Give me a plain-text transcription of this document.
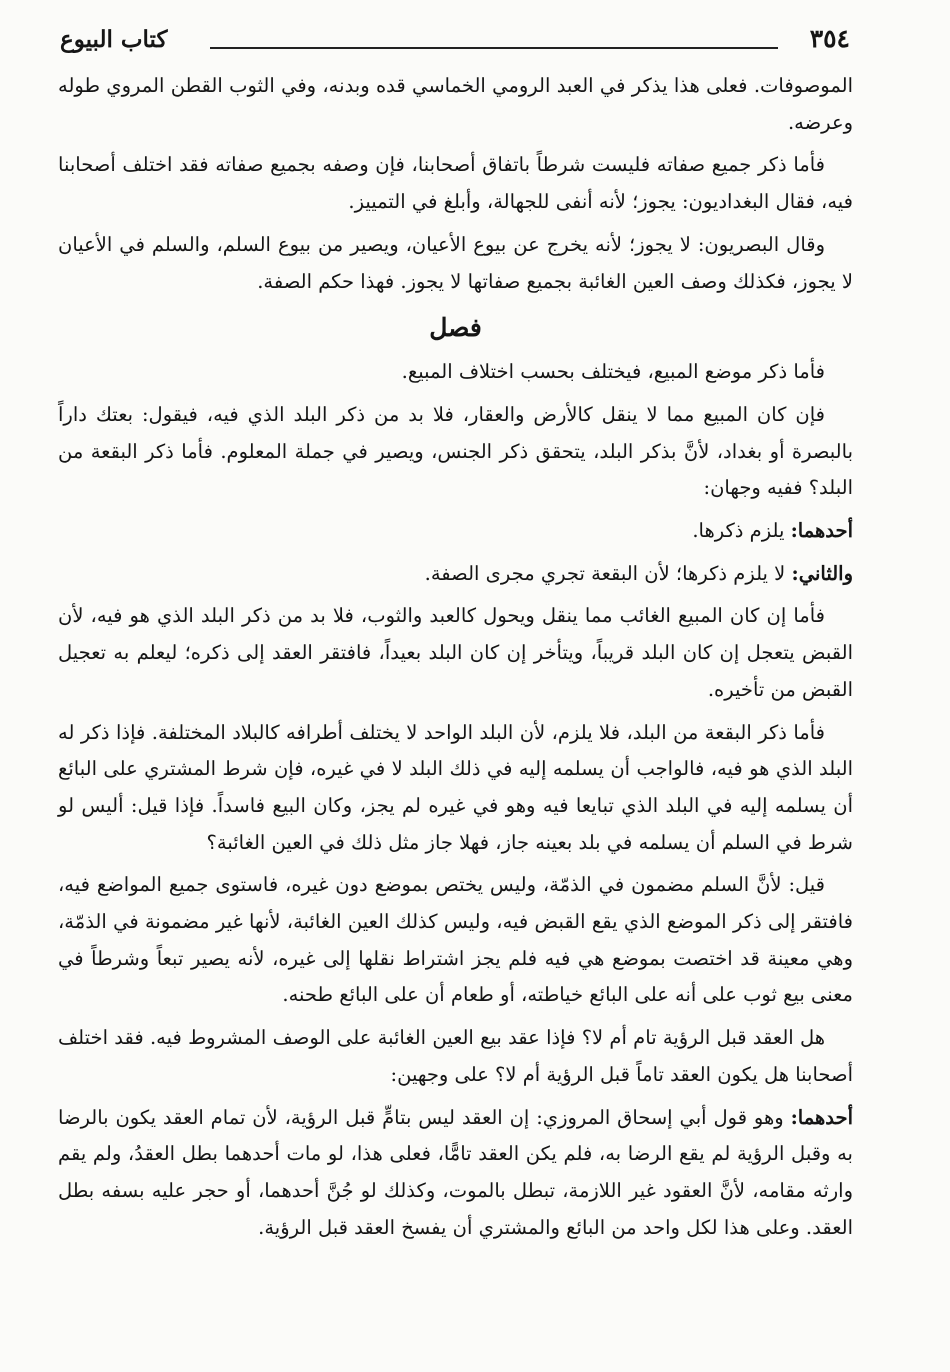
٣٥٤
كتاب البيوع

الموصوفات. فعلى هذا يذكر في العبد الرومي الخماسي قده وبدنه، وفي الثوب القطن المروي طوله وعرضه.

فأما ذكر جميع صفاته فليست شرطاً باتفاق أصحابنا، فإن وصفه بجميع صفاته فقد اختلف أصحابنا فيه، فقال البغداديون: يجوز؛ لأنه أنفى للجهالة، وأبلغ في التمييز.

وقال البصريون: لا يجوز؛ لأنه يخرج عن بيوع الأعيان، ويصير من بيوع السلم، والسلم في الأعيان لا يجوز، فكذلك وصف العين الغائبة بجميع صفاتها لا يجوز. فهذا حكم الصفة.

فصل

فأما ذكر موضع المبيع، فيختلف بحسب اختلاف المبيع.

فإن كان المبيع مما لا ينقل كالأرض والعقار، فلا بد من ذكر البلد الذي فيه، فيقول: بعتك داراً بالبصرة أو بغداد، لأنَّ بذكر البلد، يتحقق ذكر الجنس، ويصير في جملة المعلوم. فأما ذكر البقعة من البلد؟ ففيه وجهان:

أحدهما: يلزم ذكرها.

والثاني: لا يلزم ذكرها؛ لأن البقعة تجري مجرى الصفة.

فأما إن كان المبيع الغائب مما ينقل ويحول كالعبد والثوب، فلا بد من ذكر البلد الذي هو فيه، لأن القبض يتعجل إن كان البلد قريباً، ويتأخر إن كان البلد بعيداً، فافتقر العقد إلى ذكره؛ ليعلم به تعجيل القبض من تأخيره.

فأما ذكر البقعة من البلد، فلا يلزم، لأن البلد الواحد لا يختلف أطرافه كالبلاد المختلفة. فإذا ذكر له البلد الذي هو فيه، فالواجب أن يسلمه إليه في ذلك البلد لا في غيره، فإن شرط المشتري على البائع أن يسلمه إليه في البلد الذي تبايعا فيه وهو في غيره لم يجز، وكان البيع فاسداً. فإذا قيل: أليس لو شرط في السلم أن يسلمه في بلد بعينه جاز، فهلا جاز مثل ذلك في العين الغائبة؟

قيل: لأنَّ السلم مضمون في الذمّة، وليس يختص بموضع دون غيره، فاستوى جميع المواضع فيه، فافتقر إلى ذكر الموضع الذي يقع القبض فيه، وليس كذلك العين الغائبة، لأنها غير مضمونة في الذمّة، وهي معينة قد اختصت بموضع هي فيه فلم يجز اشتراط نقلها إلى غيره، لأنه يصير تبعاً وشرطاً في معنى بيع ثوب على أنه على البائع خياطته، أو طعام أن على البائع طحنه.

هل العقد قبل الرؤية تام أم لا؟ فإذا عقد بيع العين الغائبة على الوصف المشروط فيه. فقد اختلف أصحابنا هل يكون العقد تاماً قبل الرؤية أم لا؟ على وجهين:

أحدهما: وهو قول أبي إسحاق المروزي: إن العقد ليس بتامٍّ قبل الرؤية، لأن تمام العقد يكون بالرضا به وقبل الرؤية لم يقع الرضا به، فلم يكن العقد تامًّا، فعلى هذا، لو مات أحدهما بطل العقدُ، ولم يقم وارثه مقامه، لأنَّ العقود غير اللازمة، تبطل بالموت، وكذلك لو جُنَّ أحدهما، أو حجر عليه بسفه بطل العقد. وعلى هذا لكل واحد من البائع والمشتري أن يفسخ العقد قبل الرؤية.
